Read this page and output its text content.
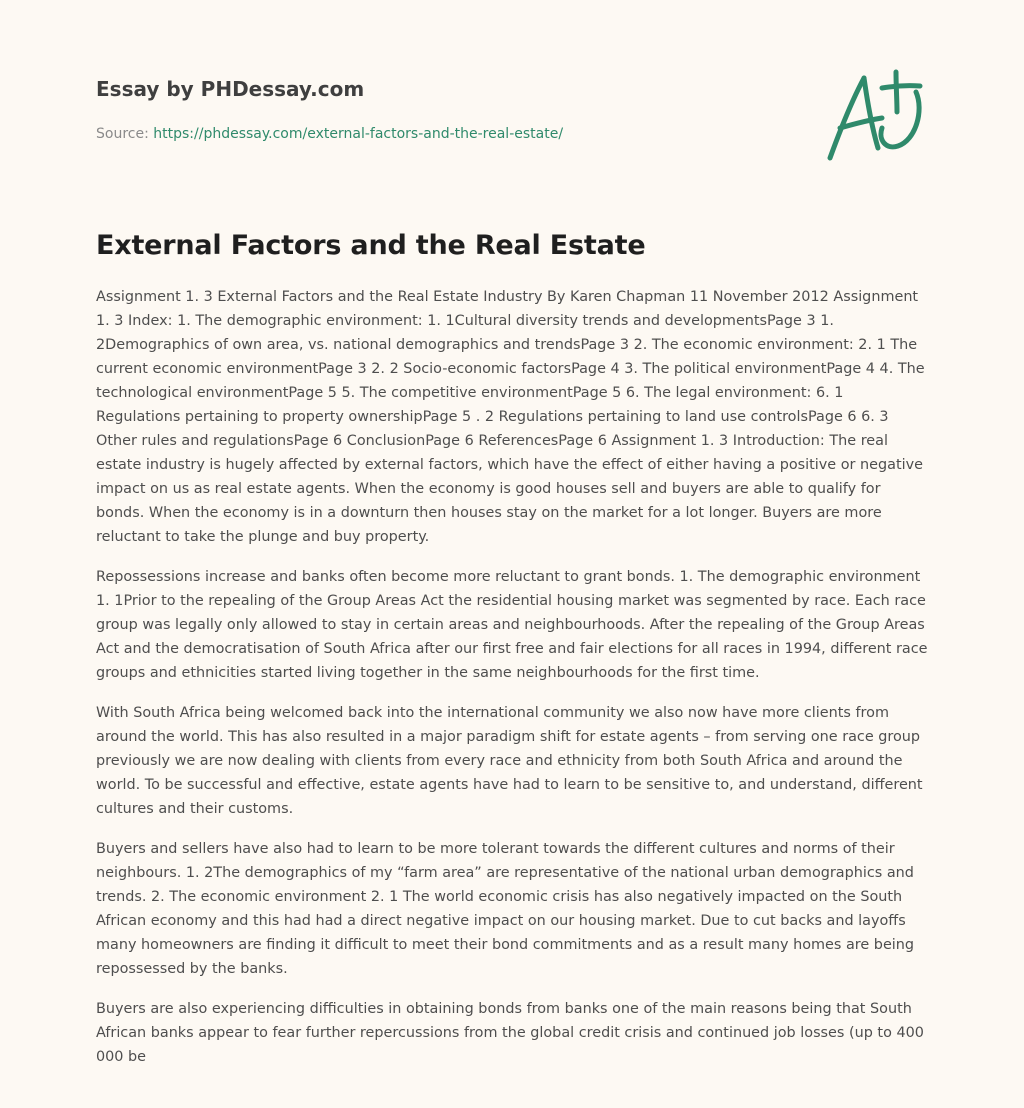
Essay by PHDessay.com
Source: https://phdessay.com/external-factors-and-the-real-estate/
External Factors and the Real Estate

Assignment 1. 3 External Factors and the Real Estate Industry By Karen Chapman 11 November 2012 Assignment 1. 3 Index: 1. The demographic environment: 1. 1Cultural diversity trends and developmentsPage 3 1. 2Demographics of own area, vs. national demographics and trendsPage 3 2. The economic environment: 2. 1 The current economic environmentPage 3 2. 2 Socio-economic factorsPage 4 3. The political environmentPage 4 4. The technological environmentPage 5 5. The competitive environmentPage 5 6. The legal environment: 6. 1 Regulations pertaining to property ownershipPage 5 . 2 Regulations pertaining to land use controlsPage 6 6. 3 Other rules and regulationsPage 6 ConclusionPage 6 ReferencesPage 6 Assignment 1. 3 Introduction: The real estate industry is hugely affected by external factors, which have the effect of either having a positive or negative impact on us as real estate agents. When the economy is good houses sell and buyers are able to qualify for bonds. When the economy is in a downturn then houses stay on the market for a lot longer. Buyers are more reluctant to take the plunge and buy property.

Repossessions increase and banks often become more reluctant to grant bonds. 1. The demographic environment 1. 1Prior to the repealing of the Group Areas Act the residential housing market was segmented by race. Each race group was legally only allowed to stay in certain areas and neighbourhoods. After the repealing of the Group Areas Act and the democratisation of South Africa after our first free and fair elections for all races in 1994, different race groups and ethnicities started living together in the same neighbourhoods for the first time.

With South Africa being welcomed back into the international community we also now have more clients from around the world. This has also resulted in a major paradigm shift for estate agents – from serving one race group previously we are now dealing with clients from every race and ethnicity from both South Africa and around the world. To be successful and effective, estate agents have had to learn to be sensitive to, and understand, different cultures and their customs.

Buyers and sellers have also had to learn to be more tolerant towards the different cultures and norms of their neighbours. 1. 2The demographics of my “farm area” are representative of the national urban demographics and trends. 2. The economic environment 2. 1 The world economic crisis has also negatively impacted on the South African economy and this had had a direct negative impact on our housing market. Due to cut backs and layoffs many homeowners are finding it difficult to meet their bond commitments and as a result many homes are being repossessed by the banks.

Buyers are also experiencing difficulties in obtaining bonds from banks one of the main reasons being that South African banks appear to fear further repercussions from the global credit crisis and continued job losses (up to 400 000 be
